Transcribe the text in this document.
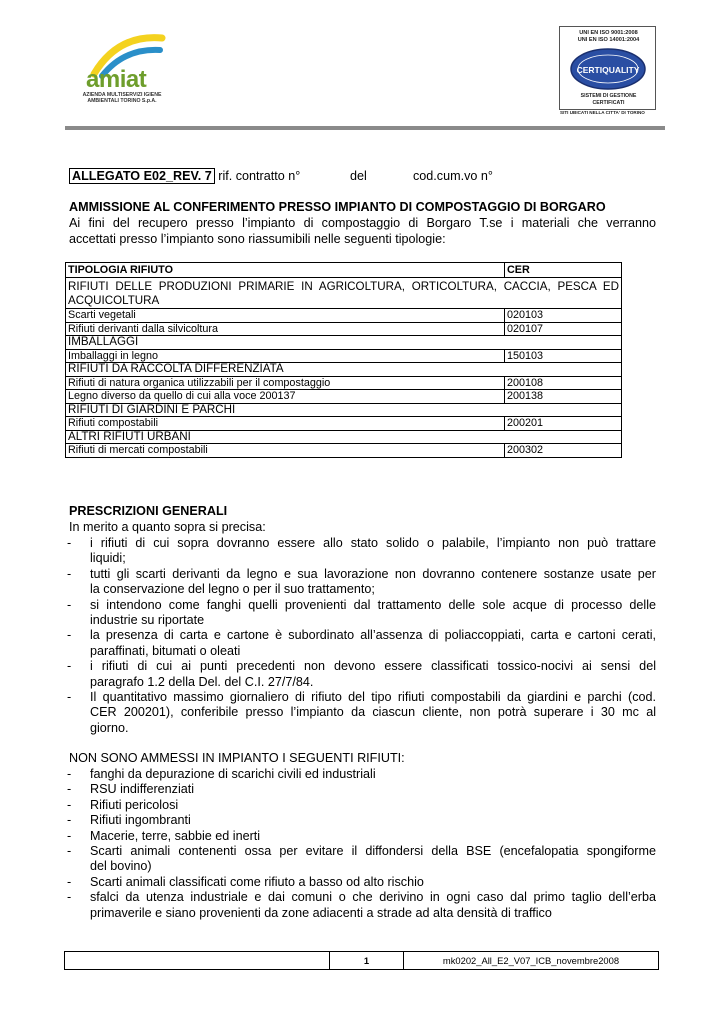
amiat
AZIENDA MULTISERVIZI IGIENE
AMBIENTALI TORINO S.p.A.
UNI EN ISO 9001:2008
UNI EN ISO 14001:2004
CERTIQUALITY
SISTEMI DI GESTIONE
CERTIFICATI
SITI UBICATI NELLA CITTA' DI TORINO
ALLEGATO E02_REV. 7 rif. contratto n°	del	cod.cum.vo n°
AMMISSIONE AL CONFERIMENTO PRESSO IMPIANTO DI COMPOSTAGGIO DI BORGARO
Ai fini del recupero presso l’impianto di compostaggio di Borgaro T.se i materiali che verranno
accettati presso l’impianto sono riassumibili nelle seguenti tipologie:
TIPOLOGIA RIFIUTO	CER
RIFIUTI DELLE PRODUZIONI PRIMARIE IN AGRICOLTURA, ORTICOLTURA, CACCIA, PESCA ED ACQUICOLTURA	
Scarti vegetali	020103
Rifiuti derivanti dalla silvicoltura	020107
IMBALLAGGI	
Imballaggi in legno	150103
RIFIUTI DA RACCOLTA DIFFERENZIATA	
Rifiuti di natura organica utilizzabili per il compostaggio	200108
Legno diverso da quello di cui alla voce 200137	200138
RIFIUTI DI GIARDINI E PARCHI	
Rifiuti compostabili	200201
ALTRI RIFIUTI URBANI	
Rifiuti di mercati compostabili	200302
PRESCRIZIONI GENERALI
In merito a quanto sopra si precisa:
- i rifiuti di cui sopra dovranno essere allo stato solido o palabile, l’impianto non può trattare
liquidi;
- tutti gli scarti derivanti da legno e sua lavorazione non dovranno contenere sostanze usate per
la conservazione del legno o per il suo trattamento;
- si intendono come fanghi quelli provenienti dal trattamento delle sole acque di processo delle
industrie su riportate
- la presenza di carta e cartone è subordinato all’assenza di poliaccoppiati, carta e cartoni cerati,
paraffinati, bitumati o oleati
- i rifiuti di cui ai punti precedenti non devono essere classificati tossico-nocivi ai sensi del
paragrafo 1.2 della Del. del C.I. 27/7/84.
- Il quantitativo massimo giornaliero di rifiuto del tipo rifiuti compostabili da giardini e parchi (cod.
CER 200201), conferibile presso l’impianto da ciascun cliente, non potrà superare i 30 mc al
giorno.
NON SONO AMMESSI IN IMPIANTO I SEGUENTI RIFIUTI:
- fanghi da depurazione di scarichi civili ed industriali
- RSU indifferenziati
- Rifiuti pericolosi
- Rifiuti ingombranti
- Macerie, terre, sabbie ed inerti
- Scarti animali contenenti ossa per evitare il diffondersi della BSE (encefalopatia spongiforme
del bovino)
- Scarti animali classificati come rifiuto a basso od alto rischio
- sfalci da utenza industriale e dai comuni o che derivino in ogni caso dal primo taglio dell’erba
primaverile e siano provenienti da zone adiacenti a strade ad alta densità di traffico
1	mk0202_All_E2_V07_ICB_novembre2008
